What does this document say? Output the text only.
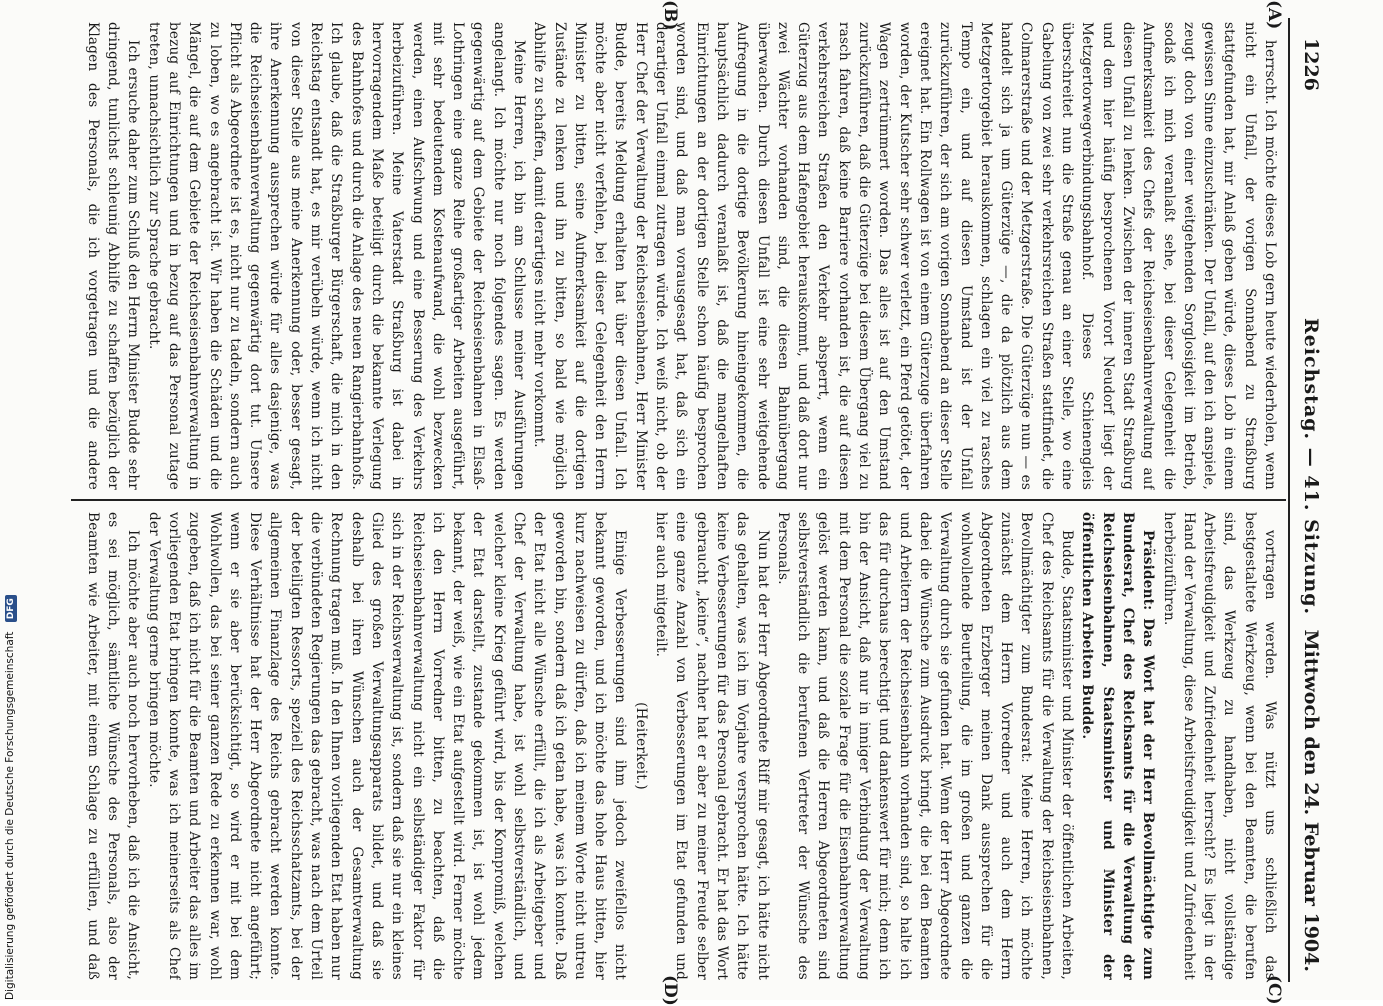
1226
Reichstag. — 41. Sitzung.
Mittwoch den 24. Februar 1904.
(A)
(B)
(C)
(D)

herrscht. Ich möchte dieses Lob gern heute wiederholen, wenn nicht ein Unfall, der vorigen Sonnabend zu Straßburg stattgefunden hat, mir Anlaß geben würde, dieses Lob in einem gewissen Sinne einzuschränken. Der Unfall, auf den ich anspiele, zeugt doch von einer weitgehenden Sorglosigkeit im Betrieb, sodaß ich mich veranlaßt sehe, bei dieser Gelegenheit die Aufmerksamkeit des Chefs der Reichseisenbahnverwaltung auf diesen Unfall zu lenken. Zwischen der inneren Stadt Straßburg und dem hier häufig besprochenen Vorort Neudorf liegt der Metzgertorwegverbindungsbahnhof. Dieses Schienengleis überschreitet nun die Straße genau an einer Stelle, wo eine Gabelung von zwei sehr verkehrsreichen Straßen stattfindet, die Colmarerstraße und der Metzgerstraße. Die Güterzüge nun — es handelt sich ja um Güterzüge —, die da plötzlich aus dem Metzgertorgebiet herauskommen, schlagen ein viel zu rasches Tempo ein, und auf diesen Umstand ist der Unfall zurückzuführen, der sich am vorigen Sonnabend an dieser Stelle ereignet hat. Ein Rollwagen ist von einem Güterzuge überfahren worden, der Kutscher sehr schwer verletzt, ein Pferd getötet, der Wagen zertrümmert worden. Das alles ist auf den Umstand zurückzuführen, daß die Güterzüge bei diesem Übergang viel zu rasch fahren, daß keine Barriere vorhanden ist, die auf diesen verkehrsreichen Straßen den Verkehr absperrt, wenn ein Güterzug aus dem Hafengebiet herauskommt, und daß dort nur zwei Wächter vorhanden sind, die diesen Bahnübergang überwachen. Durch diesen Unfall ist eine sehr weitgehende Aufregung in die dortige Bevölkerung hineingekommen, die hauptsächlich dadurch veranlaßt ist, daß die mangelhaften Einrichtungen an der dortigen Stelle schon häufig besprochen worden sind, und daß man vorausgesagt hat, daß sich ein derartiger Unfall einmal zutragen würde. Ich weiß nicht, ob der Herr Chef der Verwaltung der Reichseisenbahnen, Herr Minister Budde, bereits Meldung erhalten hat über diesen Unfall. Ich möchte aber nicht verfehlen, bei dieser Gelegenheit den Herrn Minister zu bitten, seine Aufmerksamkeit auf die dortigen Zustände zu lenken und ihn zu bitten, so bald wie möglich Abhilfe zu schaffen, damit derartiges nicht mehr vorkommt.

Meine Herren, ich bin am Schlusse meiner Ausführungen angelangt. Ich möchte nur noch folgendes sagen. Es werden gegenwärtig auf dem Gebiete der Reichseisenbahnen in Elsaß-Lothringen eine ganze Reihe großartiger Arbeiten ausgeführt, mit sehr bedeutendem Kostenaufwand, die wohl bezwecken werden, einen Aufschwung und eine Besserung des Verkehrs herbeizuführen. Meine Vaterstadt Straßburg ist dabei in hervorragendem Maße beteiligt durch die bekannte Verlegung des Bahnhofes und durch die Anlage des neuen Rangierbahnhofs. Ich glaube, daß die Straßburger Bürgerschaft, die mich in den Reichstag entsandt hat, es mir verübeln würde, wenn ich nicht von dieser Stelle aus meine Anerkennung oder, besser gesagt, ihre Anerkennung aussprechen würde für alles dasjenige, was die Reichseisenbahnverwaltung gegenwärtig dort tut. Unsere Pflicht als Abgeordnete ist es, nicht nur zu tadeln, sondern auch zu loben, wo es angebracht ist. Wir haben die Schäden und die Mängel, die auf dem Gebiete der Reichseisenbahnverwaltung in bezug auf Einrichtungen und in bezug auf das Personal zutage treten, unnachsichtlich zur Sprache gebracht.

Ich ersuche daher zum Schluß den Herrn Minister Budde sehr dringend, tunlichst schleunig Abhilfe zu schaffen bezüglich der Klagen des Personals, die ich vorgetragen und die andere

vortragen werden. Was nützt uns schließlich das bestgestaltete Werkzeug, wenn bei den Beamten, die berufen sind, das Werkzeug zu handhaben, nicht vollständige Arbeitsfreudigkeit und Zufriedenheit herrscht? Es liegt in der Hand der Verwaltung, diese Arbeitsfreudigkeit und Zufriedenheit herbeizuführen.

Präsident: Das Wort hat der Herr Bevollmächtigte zum Bundesrat, Chef des Reichsamts für die Verwaltung der Reichseisenbahnen, Staatsminister und Minister der öffentlichen Arbeiten Budde.

Budde, Staatsminister und Minister der öffentlichen Arbeiten, Chef des Reichsamts für die Verwaltung der Reichseisenbahnen, Bevollmächtigter zum Bundesrat: Meine Herren, ich möchte zunächst dem Herrn Vorredner und auch dem Herrn Abgeordneten Erzberger meinen Dank aussprechen für die wohlwollende Beurteilung, die im großen und ganzen die Verwaltung durch sie gefunden hat. Wenn der Herr Abgeordnete dabei die Wünsche zum Ausdruck bringt, die bei den Beamten und Arbeitern der Reichseisenbahn vorhanden sind, so halte ich das für durchaus berechtigt und dankenswert für mich; denn ich bin der Ansicht, daß nur in inniger Verbindung der Verwaltung mit dem Personal die soziale Frage für die Eisenbahnverwaltung gelöst werden kann, und daß die Herren Abgeordneten sind selbstverständlich die berufenen Vertreter der Wünsche des Personals.

Nun hat der Herr Abgeordnete Riff mir gesagt, ich hätte nicht das gehalten, was ich im Vorjahre versprochen hätte. Ich hätte keine Verbesserungen für das Personal gebracht. Er hat das Wort gebraucht „keine“, nachher hat er aber zu meiner Freude selber eine ganze Anzahl von Verbesserungen im Etat gefunden und hier auch mitgeteilt.

(Heiterkeit.)

Einige Verbesserungen sind ihm jedoch zweifellos nicht bekannt geworden, und ich möchte das hohe Haus bitten, hier kurz nachweisen zu dürfen, daß ich meinem Worte nicht untreu geworden bin, sondern daß ich getan habe, was ich konnte. Daß der Etat nicht alle Wünsche erfüllt, die ich als Arbeitgeber und Chef der Verwaltung habe, ist wohl selbstverständlich, und welcher kleine Krieg geführt wird, bis der Kompromiß, welchen der Etat darstellt, zustande gekommen ist, ist wohl jedem bekannt, der weiß, wie ein Etat aufgestellt wird. Ferner möchte ich den Herrn Vorredner bitten, zu beachten, daß die Reichseisenbahnverwaltung nicht ein selbständiger Faktor für sich in der Reichsverwaltung ist, sondern daß sie nur ein kleines Glied des großen Verwaltungsapparats bildet, und daß sie deshalb bei ihren Wünschen auch der Gesamtverwaltung Rechnung tragen muß. In den Ihnen vorliegenden Etat haben nur die verbündeten Regierungen das gebracht, was nach dem Urteil der beteiligten Ressorts, speziell des Reichsschatzamts, bei der allgemeinen Finanzlage des Reichs gebracht werden konnte. Diese Verhältnisse hat der Herr Abgeordnete nicht angeführt; wenn er sie aber berücksichtigt, so wird er mit bei dem Wohlwollen, das bei seiner ganzen Rede zu erkennen war, wohl zugeben, daß ich nicht für die Beamten und Arbeiter das alles im vorliegenden Etat bringen konnte, was ich meinerseits als Chef der Verwaltung gerne bringen möchte.

Ich möchte aber auch noch hervorheben, daß ich die Ansicht, es sei möglich, sämtliche Wünsche des Personals, also der Beamten wie Arbeiter, mit einem Schlage zu erfüllen, und daß

Digitalisierung gefördert durch die Deutsche Forschungsgemeinschaft DFG
